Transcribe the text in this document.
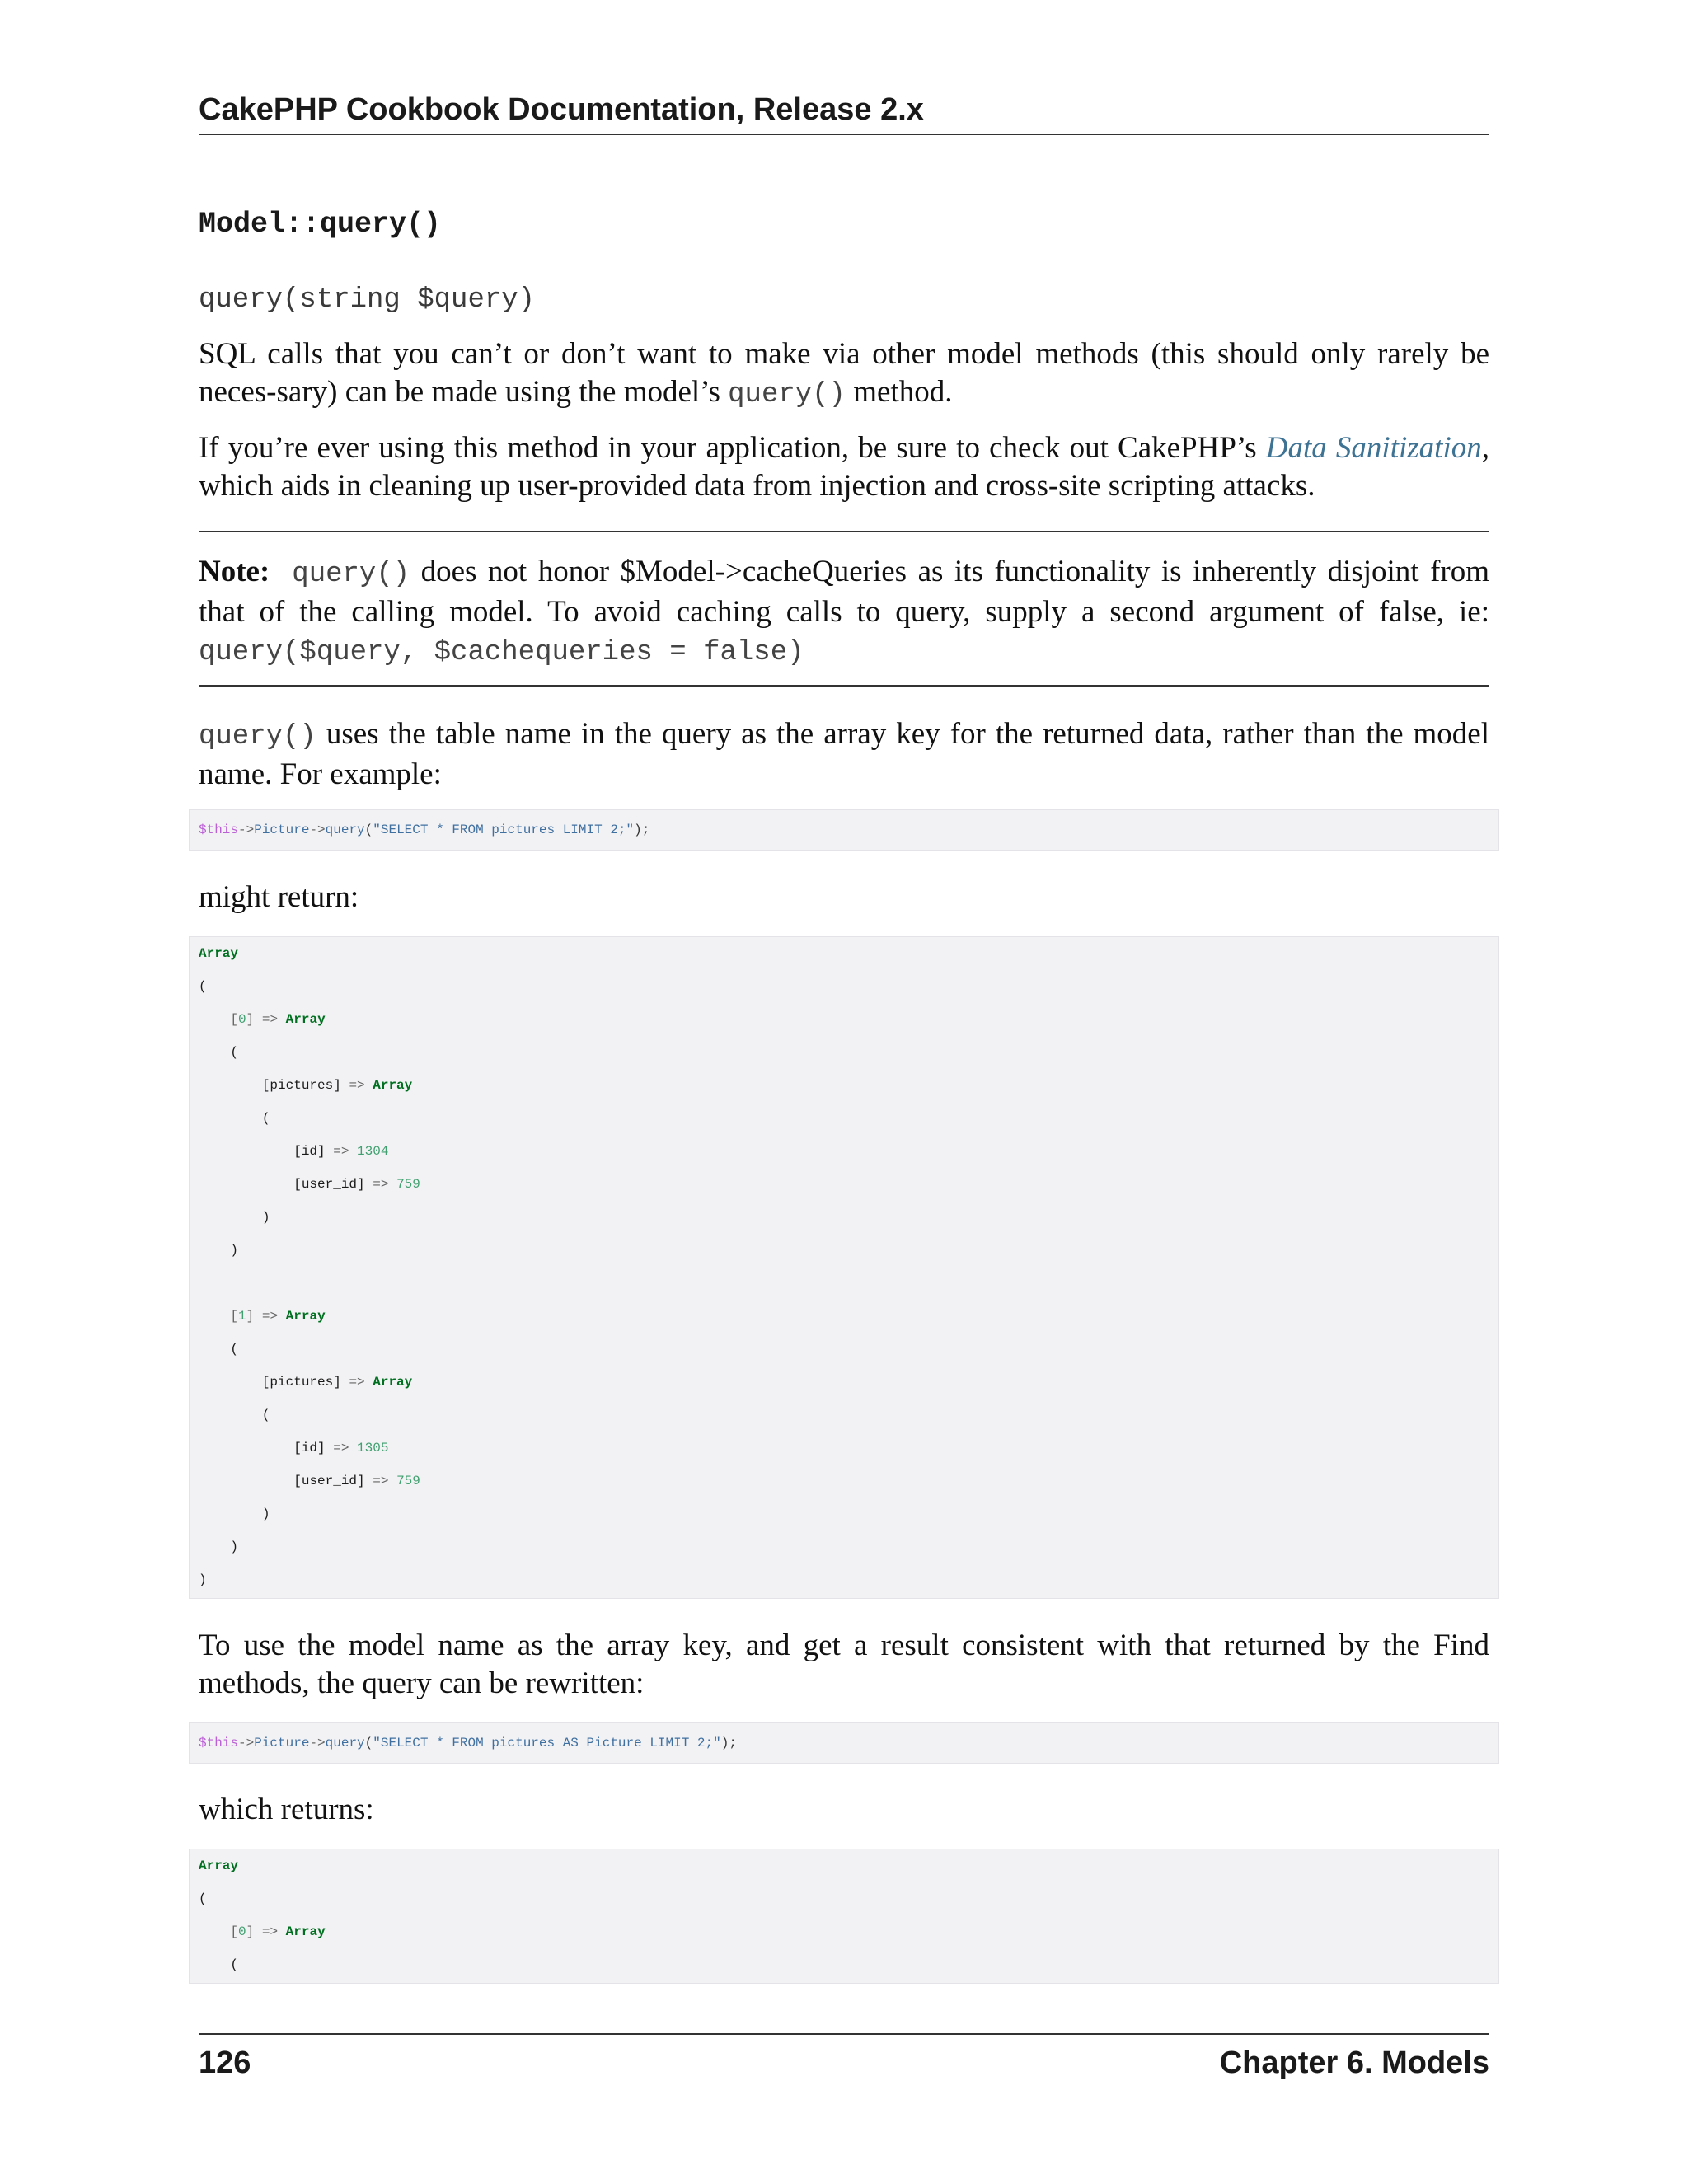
CakePHP Cookbook Documentation, Release 2.x
Model::query()
query(string $query)
SQL calls that you can’t or don’t want to make via other model methods (this should only rarely be neces-sary) can be made using the model’s query() method.
If you’re ever using this method in your application, be sure to check out CakePHP’s Data Sanitization, which aids in cleaning up user-provided data from injection and cross-site scripting attacks.
Note: query() does not honor $Model->cacheQueries as its functionality is inherently disjoint from that of the calling model. To avoid caching calls to query, supply a second argument of false, ie: query($query, $cachequeries = false)
query() uses the table name in the query as the array key for the returned data, rather than the model name. For example:
$this->Picture->query("SELECT * FROM pictures LIMIT 2;");
might return:
Array
(
[0] => Array
(
[pictures] => Array
(
[id] => 1304
[user_id] => 759
)
)
[1] => Array
(
[pictures] => Array
(
[id] => 1305
[user_id] => 759
)
)
)
To use the model name as the array key, and get a result consistent with that returned by the Find methods, the query can be rewritten:
$this->Picture->query("SELECT * FROM pictures AS Picture LIMIT 2;");
which returns:
Array
(
[0] => Array
(
126	Chapter 6. Models
